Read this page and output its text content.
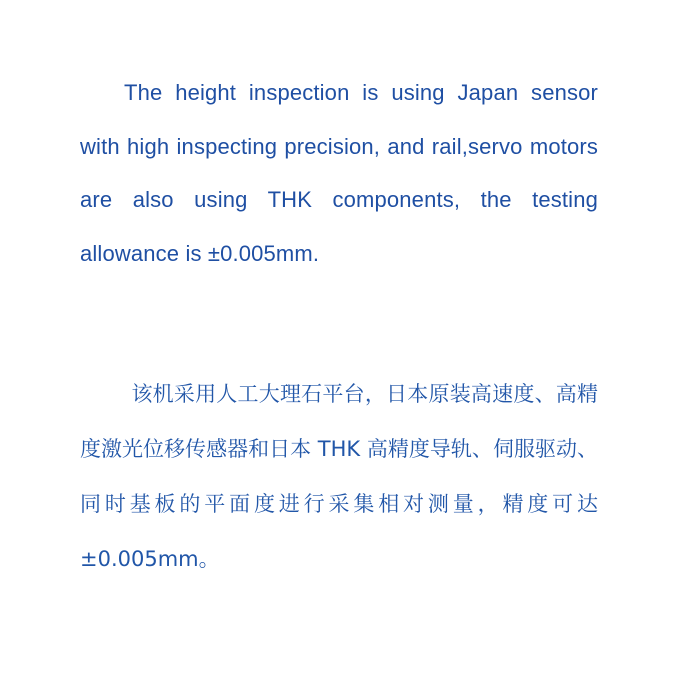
The height inspection is using Japan sensor with high inspecting precision, and rail,servo motors are also using THK components, the testing allowance is ±0.005mm.

该机采用人工大理石平台，日本原装高速度、高精度激光位移传感器和日本 THK 高精度导轨、伺服驱动、同时基板的平面度进行采集相对测量，精度可达 ±0.005mm。
